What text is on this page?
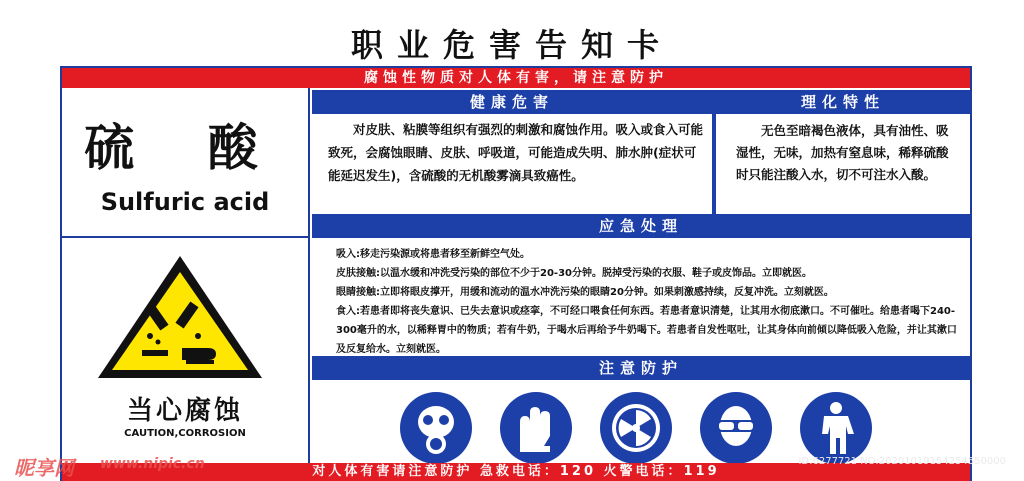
职业危害告知卡
腐蚀性物质对人体有害，请注意防护
硫 酸
Sulfuric acid
当心腐蚀
CAUTION,CORROSION
健康危害	理化特性
对皮肤、粘膜等组织有强烈的刺激和腐蚀作用。吸入或食入可能致死，会腐蚀眼睛、皮肤、呼吸道，可能造成失明、肺水肿(症状可能延迟发生)，含硫酸的无机酸雾滴具致癌性。
无色至暗褐色液体，具有油性、吸湿性，无味，加热有窒息味，稀释硫酸时只能注酸入水，切不可注水入酸。
应急处理

吸入:移走污染源或将患者移至新鲜空气处。

皮肤接触:以温水缓和冲洗受污染的部位不少于20-30分钟。脱掉受污染的衣服、鞋子或皮饰品。立即就医。

眼睛接触:立即将眼皮撑开，用缓和流动的温水冲洗污染的眼睛20分钟。如果刺激感持续，反复冲洗。立刻就医。

食入:若患者即将丧失意识、已失去意识或痉挛，不可经口喂食任何东西。若患者意识清楚，让其用水彻底漱口。不可催吐。给患者喝下240-300毫升的水，以稀释胃中的物质；若有牛奶，于喝水后再给予牛奶喝下。若患者自发性呕吐，让其身体向前倾以降低吸入危险，并让其漱口及反复给水。立刻就医。

注意防护
对人体有害请注意防护 急救电话：120 火警电话：119
昵享网 www.nipic.cn	ID:6277721 NO:20201019154254550000
